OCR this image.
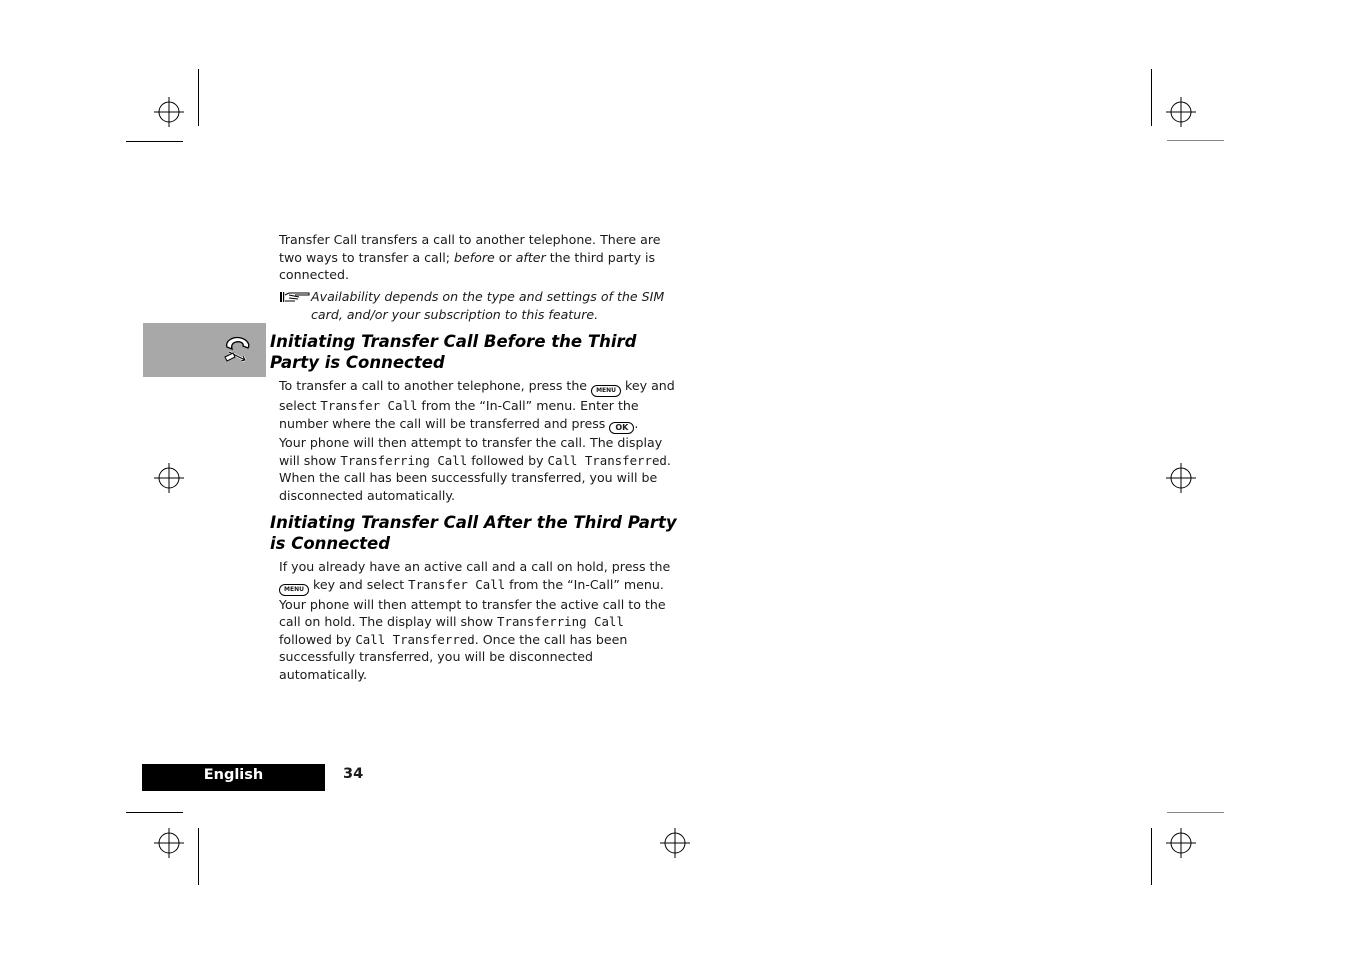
Transfer Call transfers a call to another telephone. There are two ways to transfer a call; before or after the third party is connected.
Availability depends on the type and settings of the SIM card, and/or your subscription to this feature.
Initiating Transfer Call Before the Third Party is Connected
To transfer a call to another telephone, press the MENU key and select Transfer Call from the “In-Call” menu. Enter the number where the call will be transferred and press OK .
Your phone will then attempt to transfer the call. The display will show Transferring Call followed by Call Transferred. When the call has been successfully transferred, you will be disconnected automatically.
Initiating Transfer Call After the Third Party is Connected
If you already have an active call and a call on hold, press the MENU key and select Transfer Call from the “In-Call” menu. Your phone will then attempt to transfer the active call to the call on hold. The display will show Transferring Call followed by Call Transferred. Once the call has been successfully transferred, you will be disconnected automatically.
English	34
